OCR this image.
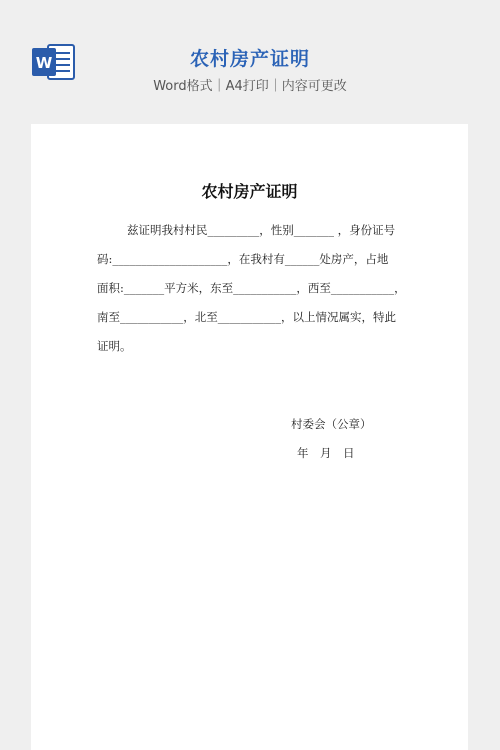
W	农村房产证明
Word格式｜A4打印｜内容可更改
农村房产证明

兹证明我村村民_________，性别_______ ，身份证号

码:____________________，在我村有______处房产，占地

面积:_______平方米，东至___________，西至___________，

南至___________，北至___________，以上情况属实，特此

证明。

村委会（公章）
年　月　日
